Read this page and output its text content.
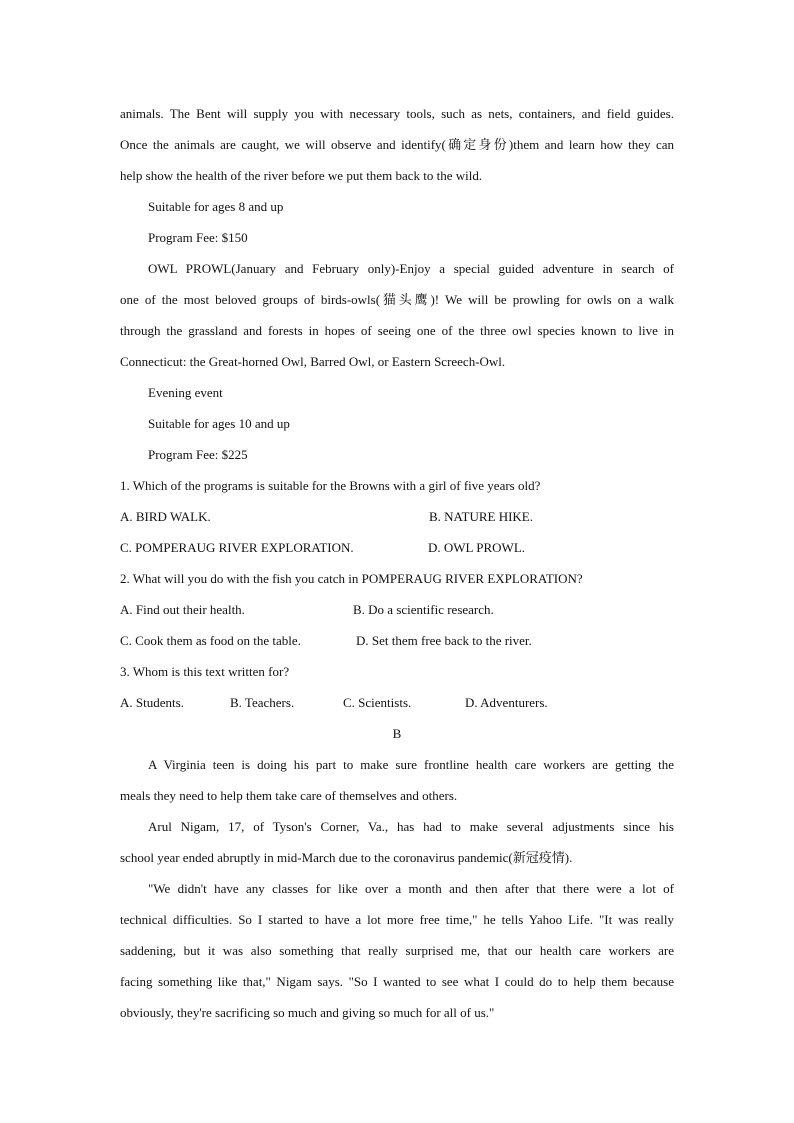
animals. The Bent will supply you with necessary tools, such as nets, containers, and field guides.
Once the animals are caught, we will observe and identify(确定身份)them and learn how they can
help show the health of the river before we put them back to the wild.
Suitable for ages 8 and up
Program Fee: $150
OWL PROWL(January and February only)-Enjoy a special guided adventure in search of
one of the most beloved groups of birds-owls(猫头鹰)! We will be prowling for owls on a walk
through the grassland and forests in hopes of seeing one of the three owl species known to live in
Connecticut: the Great-horned Owl, Barred Owl, or Eastern Screech-Owl.
Evening event
Suitable for ages 10 and up
Program Fee: $225
1. Which of the programs is suitable for the Browns with a girl of five years old?
A. BIRD WALK.	B. NATURE HIKE.
C. POMPERAUG RIVER EXPLORATION.	D. OWL PROWL.
2. What will you do with the fish you catch in POMPERAUG RIVER EXPLORATION?
A. Find out their health.	B. Do a scientific research.
C. Cook them as food on the table.	D. Set them free back to the river.
3. Whom is this text written for?
A. Students.	B. Teachers.	C. Scientists.	D. Adventurers.
B
A Virginia teen is doing his part to make sure frontline health care workers are getting the
meals they need to help them take care of themselves and others.
Arul Nigam, 17, of Tyson's Corner, Va., has had to make several adjustments since his
school year ended abruptly in mid-March due to the coronavirus pandemic(新冠疫情).
"We didn't have any classes for like over a month and then after that there were a lot of
technical difficulties. So I started to have a lot more free time," he tells Yahoo Life. "It was really
saddening, but it was also something that really surprised me, that our health care workers are
facing something like that," Nigam says. "So I wanted to see what I could do to help them because
obviously, they're sacrificing so much and giving so much for all of us."
